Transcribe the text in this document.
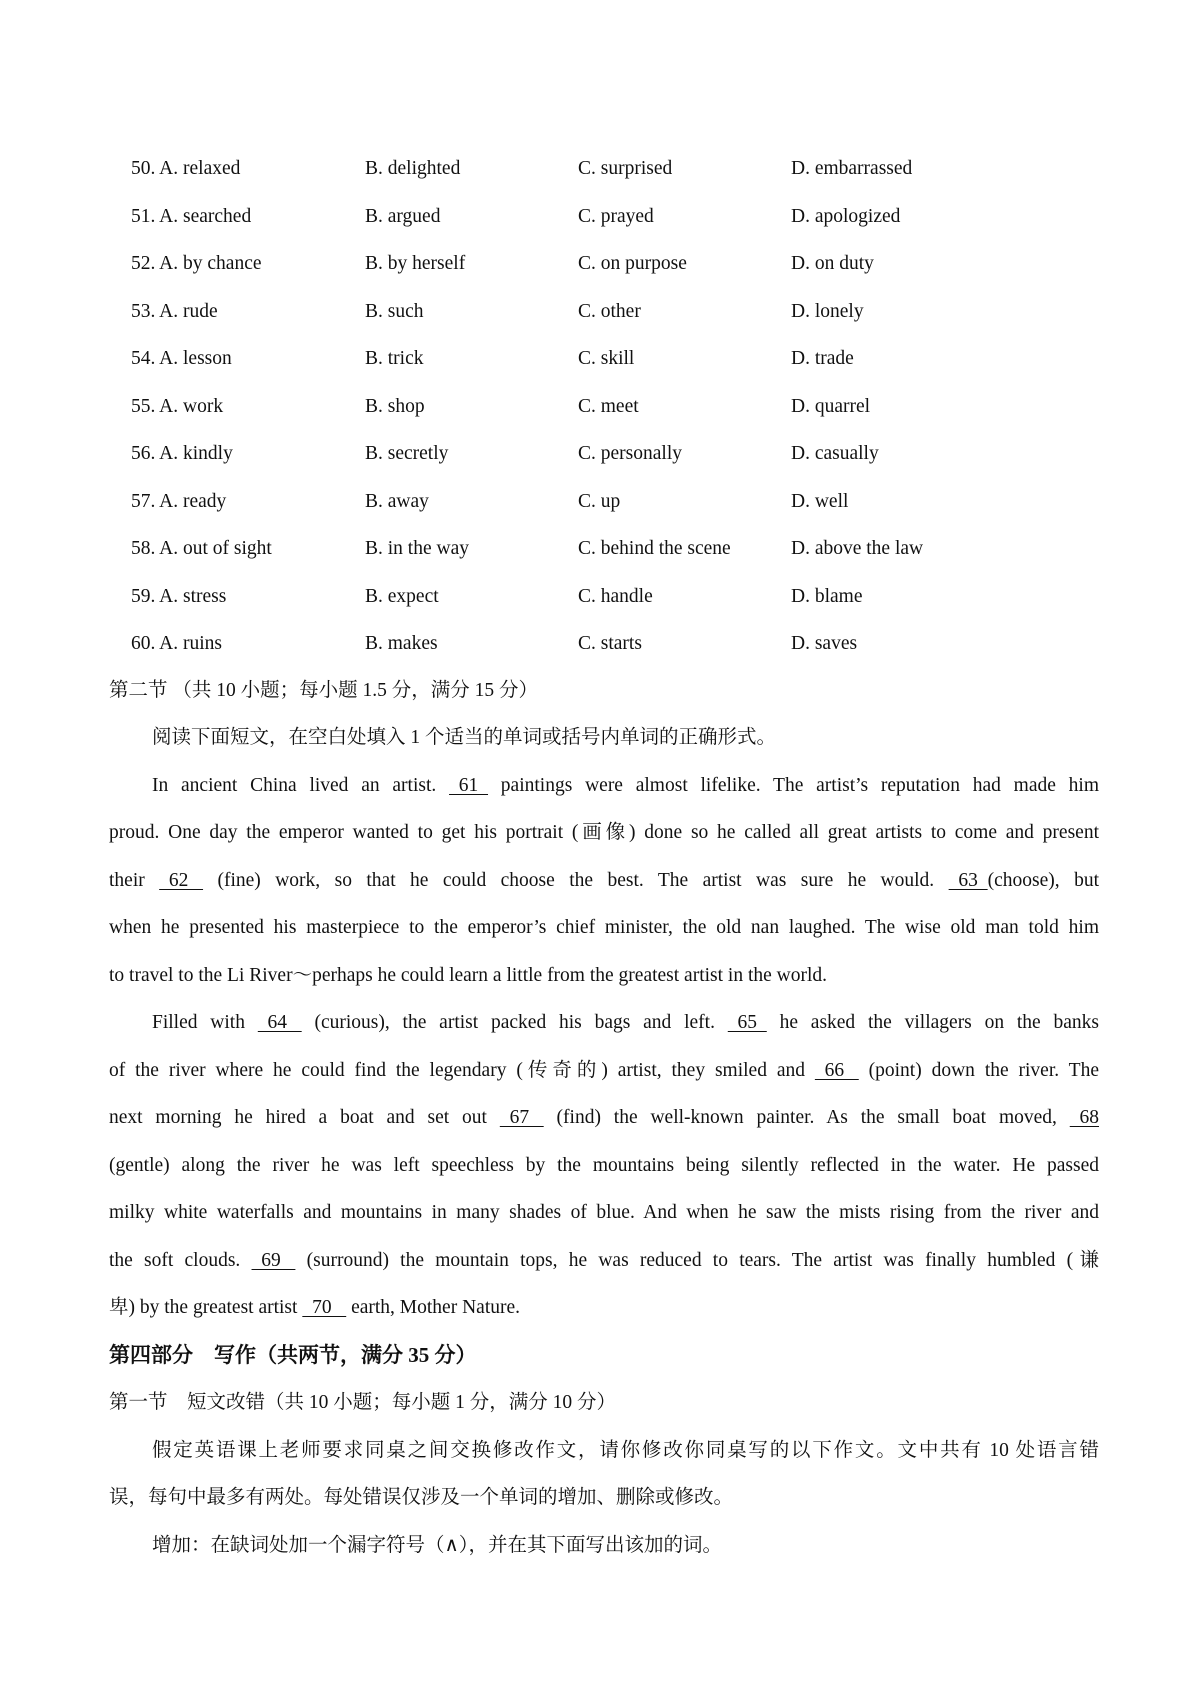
50. A. relaxed	B. delighted	C. surprised	D. embarrassed
51. A. searched	B. argued	C. prayed	D. apologized
52. A. by chance	B. by herself	C. on purpose	D. on duty
53. A. rude	B. such	C. other	D. lonely
54. A. lesson	B. trick	C. skill	D. trade
55. A. work	B. shop	C. meet	D. quarrel
56. A. kindly	B. secretly	C. personally	D. casually
57. A. ready	B. away	C. up	D. well
58. A. out of sight	B. in the way	C. behind the scene	D. above the law
59. A. stress	B. expect	C. handle	D. blame
60. A. ruins	B. makes	C. starts	D. saves
第二节 （共 10 小题；每小题 1.5 分，满分 15 分）
阅读下面短文，在空白处填入 1 个适当的单词或括号内单词的正确形式。
In ancient China lived an artist.   61   paintings were almost lifelike. The artist’s reputation had made him
proud. One day the emperor wanted to get his portrait (画像) done so he called all great artists to come and present
their   62    (fine) work, so that he could choose the best. The artist was sure he would.   63  (choose), but
when he presented his masterpiece to the emperor’s chief minister, the old nan laughed. The wise old man told him
to travel to the Li River～perhaps he could learn a little from the greatest artist in the world.
Filled with   64    (curious), the artist packed his bags and left.   65   he asked the villagers on the banks
of the river where he could find the legendary (传奇的) artist, they smiled and   66    (point) down the river. The
next morning he hired a boat and set out   67    (find) the well-known painter. As the small boat moved,   68
(gentle) along the river he was left speechless by the mountains being silently reflected in the water. He passed
milky white waterfalls and mountains in many shades of blue. And when he saw the mists rising from the river and
the soft clouds.   69    (surround) the mountain tops, he was reduced to tears. The artist was finally humbled (谦
卑) by the greatest artist   70    earth, Mother Nature.
第四部分　写作（共两节，满分 35 分）
第一节　短文改错（共 10 小题；每小题 1 分，满分 10 分）
假定英语课上老师要求同桌之间交换修改作文，请你修改你同桌写的以下作文。文中共有 10 处语言错
误，每句中最多有两处。每处错误仅涉及一个单词的增加、删除或修改。
增加：在缺词处加一个漏字符号（∧），并在其下面写出该加的词。
